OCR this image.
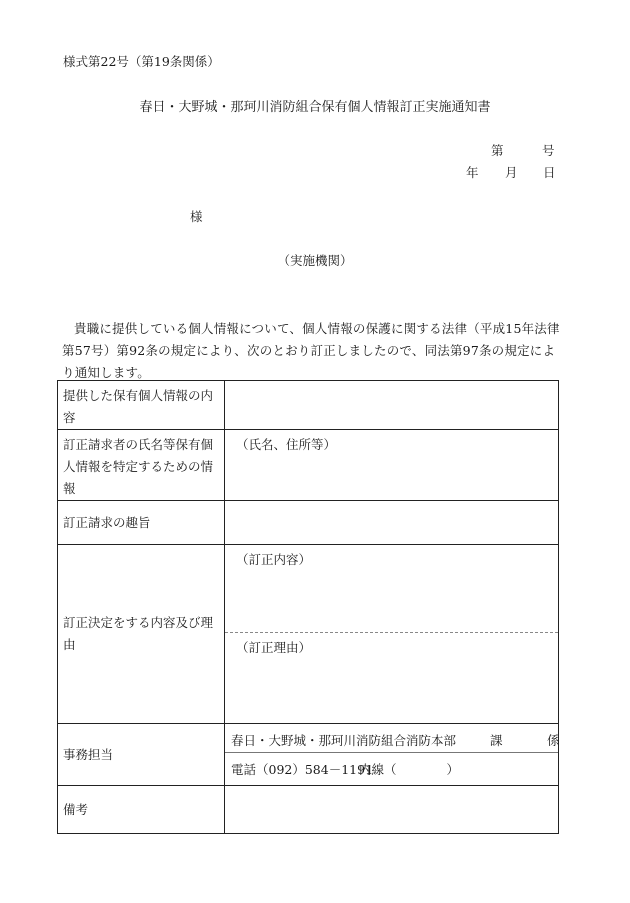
様式第22号（第19条関係）
春日・大野城・那珂川消防組合保有個人情報訂正実施通知書
第	号
年 月 日
様
（実施機関）
貴職に提供している個人情報について、個人情報の保護に関する法律（平成15年法律第57号）第92条の規定により、次のとおり訂正しましたので、同法第97条の規定により通知します。
提供した保有個人情報の内容	
訂正請求者の氏名等保有個人情報を特定するための情報	（氏名、住所等）

訂正請求の趣旨	
訂正決定をする内容及び理由	（訂正内容）
（訂正理由）

事務担当	春日・大野城・那珂川消防組合消防本部 課 係
電話（092）584－1191
内線（　　　　）

備考	
